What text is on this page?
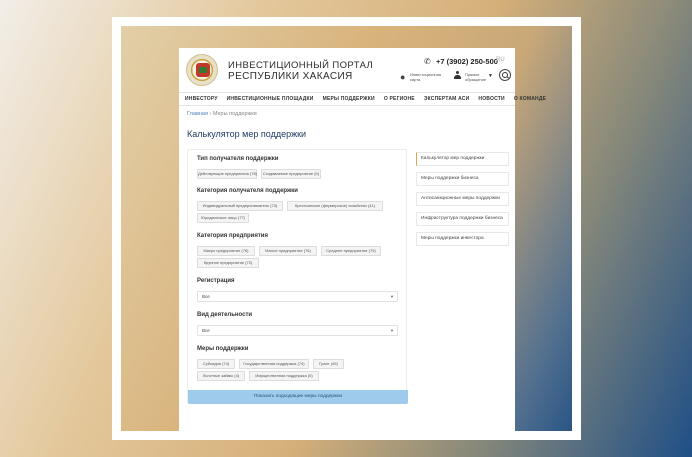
ИНВЕСТИЦИОННЫЙ ПОРТАЛ
РЕСПУБЛИКИ ХАКАСИЯ
✆ +7 (3902) 250-500
RU
● Инвестиционная карта
Прямое обращение
▼
ИНВЕСТОРУ ИНВЕСТИЦИОННЫЕ ПЛОЩАДКИ МЕРЫ ПОДДЕРЖКИ О РЕГИОНЕ ЭКСПЕРТАМ АСИ НОВОСТИ О КОМАНДЕ
Главная › Меры поддержки
Калькулятор мер поддержки
Тип получателя поддержки
Действующие предприятия (78)	Создаваемое предприятие (0)
Категория получателя поддержки
Индивидуальный предприниматель (73)	Крестьянское (фермерское) хозяйство (41)
Юридическое лицо (77)
Категория предприятия
Микро предприятие (76)	Малое предприятие (76)	Среднее предприятие (75)
Крупное предприятие (72)
Регистрация
Все	▼
Вид деятельности
Все	▼
Меры поддержки
Субсидия (74)	Государственная поддержка (74)	Грант (49)
Льготные займы (4)	Имущественная поддержка (5)
Показать подходящие меры поддержки
Калькулятор мер поддержки
Меры поддержки бизнеса
Антисанкционные меры поддержки
Инфраструктура поддержки бизнеса
Меры поддержки инвестора
